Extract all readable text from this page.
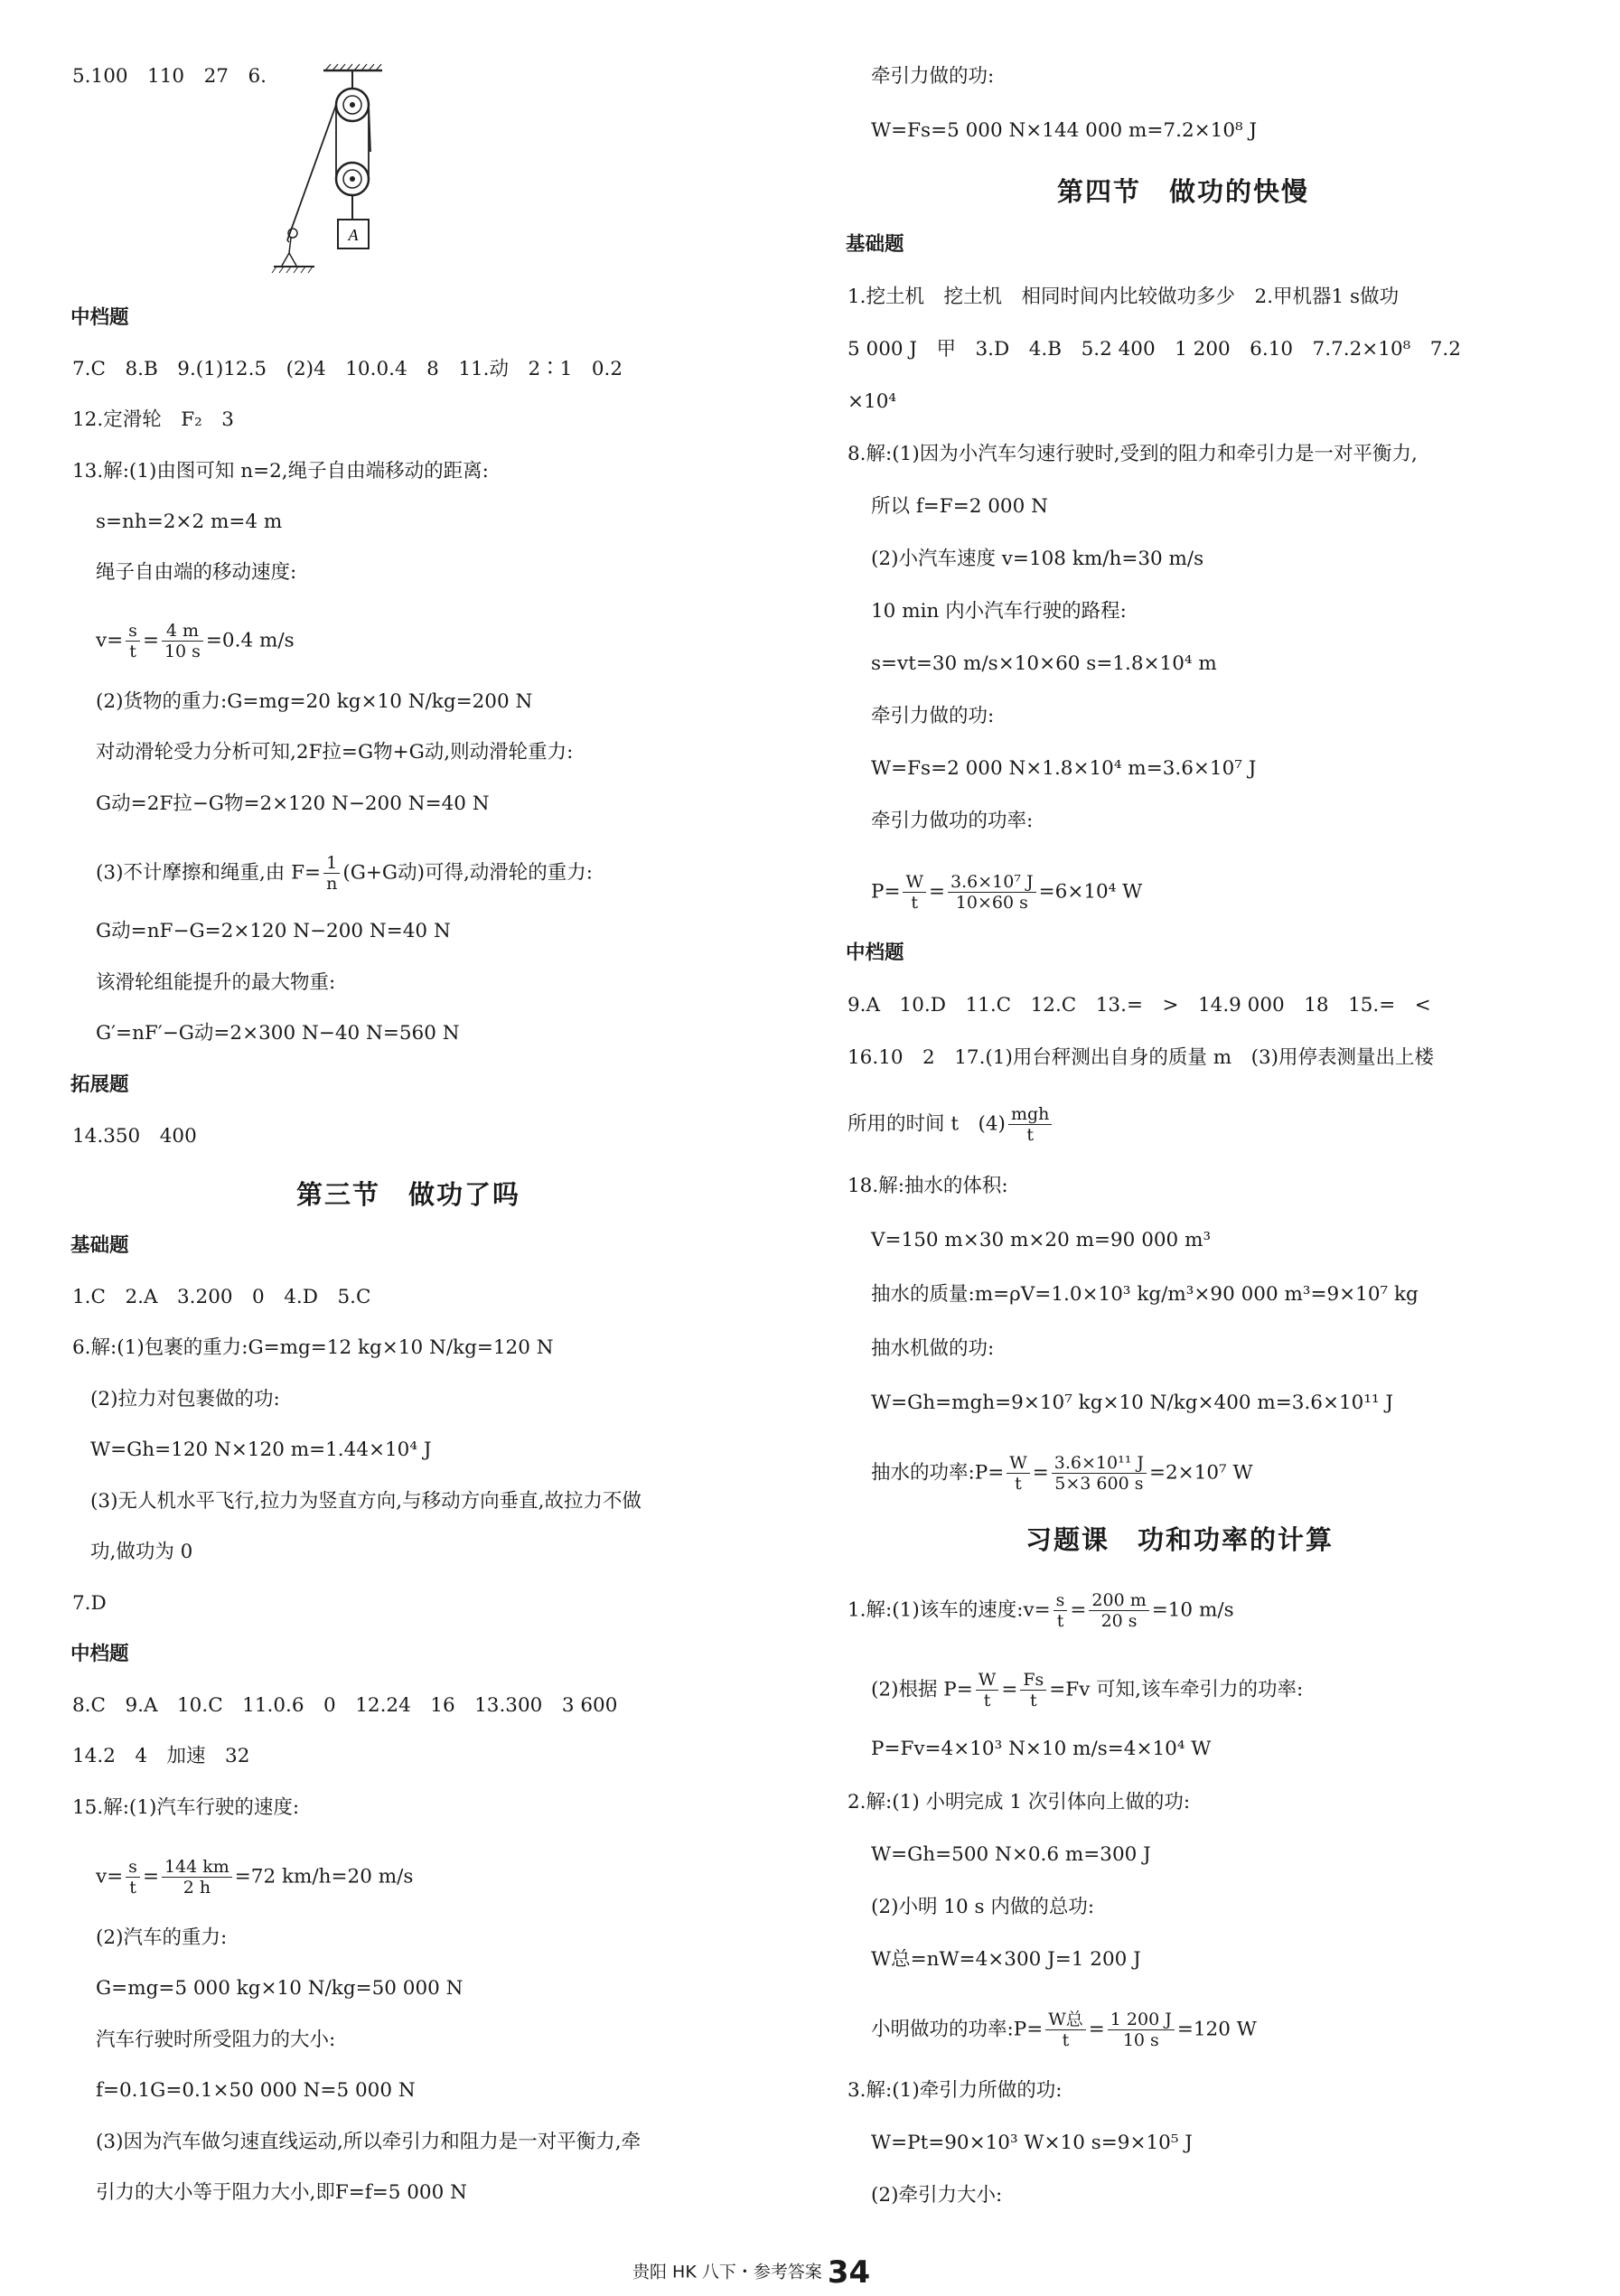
5.100　110　27　6.
中档题
7.C　8.B　9.(1)12.5　(2)4　10.0.4　8　11.动　2∶1　0.2
12.定滑轮　F₂　3
13.解:(1)由图可知 n=2,绳子自由端移动的距离:
s=nh=2×2 m=4 m
绳子自由端的移动速度:
$v= \frac{s}{t} = \frac{4 m}{10 s} =0.4$ m/s
(2)货物的重力:G=mg=20 kg×10 N/kg=200 N
对动滑轮受力分析可知,2F拉=G物+G动,则动滑轮重力:
G动=2F拉−G物=2×120 N−200 N=40 N
(3)不计摩擦和绳重,由 $F= \frac{1}{n} (G+G$动)可得,动滑轮的重力:
G动=nF−G=2×120 N−200 N=40 N
该滑轮组能提升的最大物重:
G′=nF′−G动=2×300 N−40 N=560 N
拓展题
14.350　400
第三节　做功了吗
基础题
1.C　2.A　3.200　0　4.D　5.C
6.解:(1)包裹的重力:G=mg=12 kg×10 N/kg=120 N
(2)拉力对包裹做的功:
W=Gh=120 N×120 m=1.44×10⁴ J
(3)无人机水平飞行,拉力为竖直方向,与移动方向垂直,故拉力不做
功,做功为 0
7.D
中档题
8.C　9.A　10.C　11.0.6　0　12.24　16　13.300　3 600
14.2　4　加速　32
15.解:(1)汽车行驶的速度:
$v= \frac{s}{t} = \frac{144 km}{2 h} =72$ km/h=20 m/s
(2)汽车的重力:
G=mg=5 000 kg×10 N/kg=50 000 N
汽车行驶时所受阻力的大小:
f=0.1G=0.1×50 000 N=5 000 N
(3)因为汽车做匀速直线运动,所以牵引力和阻力是一对平衡力,牵
引力的大小等于阻力大小,即F=f=5 000 N
A
牵引力做的功:
W=Fs=5 000 N×144 000 m=7.2×10⁸ J
第四节　做功的快慢
基础题
1.挖土机　挖土机　相同时间内比较做功多少　2.甲机器1 s做功
5 000 J　甲　3.D　4.B　5.2 400　1 200　6.10　7.7.2×10⁸　7.2
×10⁴
8.解:(1)因为小汽车匀速行驶时,受到的阻力和牵引力是一对平衡力,
所以 f=F=2 000 N
(2)小汽车速度 v=108 km/h=30 m/s
10 min 内小汽车行驶的路程:
s=vt=30 m/s×10×60 s=1.8×10⁴ m
牵引力做的功:
W=Fs=2 000 N×1.8×10⁴ m=3.6×10⁷ J
牵引力做功的功率:
$P= \frac{W}{t} = \frac{\text{3.6×10⁷ J}}{10\times 60 s} =6\times 10^4$ W
中档题
9.A　10.D　11.C　12.C　13.=　>　14.9 000　18　15.=　<
16.10　2　17.(1)用台秤测出自身的质量 m　(3)用停表测量出上楼
所用的时间 t　$(4) \frac{\text{mgh}}{t}$
18.解:抽水的体积:
V=150 m×30 m×20 m=90 000 m³
抽水的质量:m=ρV=1.0×10³ kg/m³×90 000 m³=9×10⁷ kg
抽水机做的功:
W=Gh=mgh=9×10⁷ kg×10 N/kg×400 m=3.6×10¹¹ J
抽水的功率:P= $\frac{W}{t} = \frac{\text{3.6×10¹¹ J}}{5\times 3 600 s} =2\times 10^7$ W
习题课　功和功率的计算
1.解:(1)该车的速度:v= $\frac{s}{t} = \frac{200 m}{20 s} =10$ m/s
(2)根据 $P= \frac{W}{t} = \frac{Fs}{t} =Fv$ 可知,该车牵引力的功率:
P=Fv=4×10³ N×10 m/s=4×10⁴ W
2.解:(1) 小明完成 1 次引体向上做的功:
W=Gh=500 N×0.6 m=300 J
(2)小明 10 s 内做的总功:
W总=nW=4×300 J=1 200 J
小明做功的功率:P= $\frac{\text{W总}}{t} = \frac{1 200 J}{10 s} =120$ W
3.解:(1)牵引力所做的功:
W=Pt=90×10³ W×10 s=9×10⁵ J
(2)牵引力大小:
贵阳 HK 八下・参考答案 34
